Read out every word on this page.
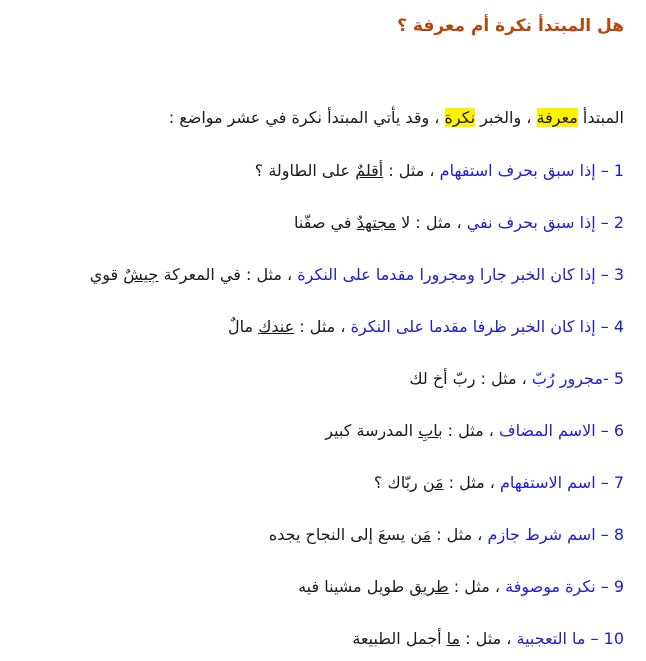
هل المبتدأ نكرة أم معرفة ؟
المبتدأ معرفة ، والخبر نكرة ، وقد يأتي المبتدأ نكرة في عشر مواضع :
1 – إذا سبق بحرف استفهام ، مثل : أقلمٌ على الطاولة ؟
2 – إذا سبق بحرف نفي ، مثل : لا مجتهدٌ في صفّنا
3 – إذا كان الخبر جارا ومجرورا مقدما على النكرة ، مثل : في المعركة جيشٌ قوي
4 – إذا كان الخبر ظرفا مقدما على النكرة ، مثل : عندك مالٌ
5 -مجرور رُبّ ، مثل : ربّ أخ لك
6 – الاسم المضاف ، مثل : بابِ المدرسة كبير
7 – اسم الاستفهام ، مثل : مَن ربّاك ؟
8 – اسم شرط جازم ، مثل : مَن يسعَ إلى النجاح يجده
9 – نكرة موصوفة ، مثل : طريق طويل مشينا فيه
10 – ما التعجبية ، مثل : ما أجمل الطبيعة
